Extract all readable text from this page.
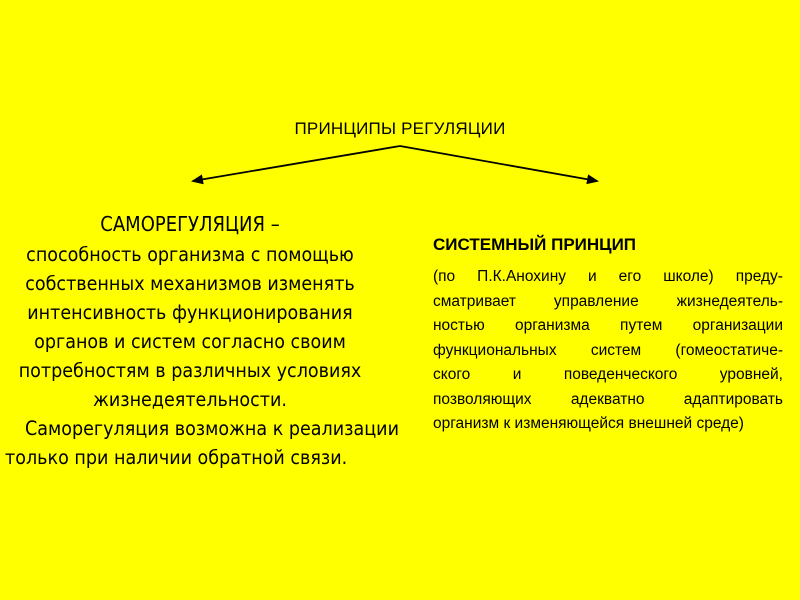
ПРИНЦИПЫ РЕГУЛЯЦИИ
САМОРЕГУЛЯЦИЯ –
способность организма с помощью
собственных механизмов изменять
интенсивность функционирования
органов и систем согласно своим
потребностям в различных условиях
жизнедеятельности.
Саморегуляция возможна к реализации
только при наличии обратной связи.
СИСТЕМНЫЙ ПРИНЦИП
(по П.К.Анохину и его школе) преду-
сматривает управление жизнедеятель-
ностью организма путем организации
функциональных систем (гомеостатиче-
ского	и	поведенческого	уровней,
позволяющих	адекватно	адаптировать
организм к изменяющейся внешней среде)
